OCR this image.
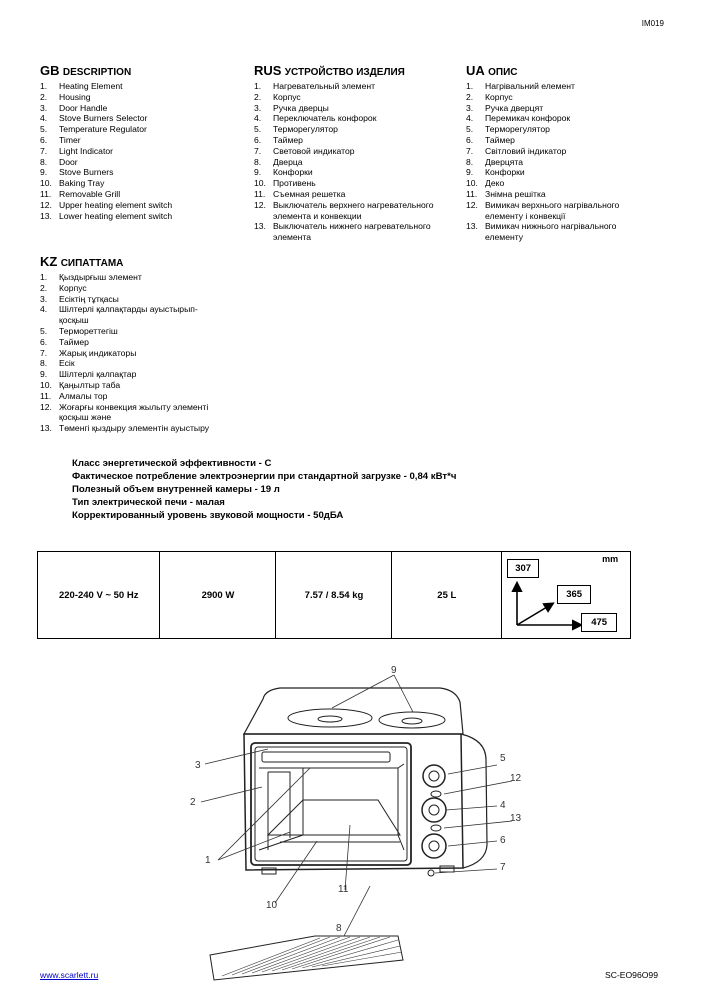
IM019
GB DESCRIPTION
1.	Heating Element
2.	Housing
3.	Door Handle
4.	Stove Burners Selector
5.	Temperature Regulator
6.	Timer
7.	Light Indicator
8.	Door
9.	Stove Burners
10. Baking Tray
11. Removable Grill
12. Upper heating element switch
13. Lower heating element switch
RUS УСТРОЙСТВО ИЗДЕЛИЯ
1.	Нагревательный элемент
2.	Корпус
3.	Ручка дверцы
4.	Переключатель конфорок
5.	Терморегулятор
6.	Таймер
7.	Световой индикатор
8.	Дверца
9.	Конфорки
10. Противень
11. Съемная решетка
12. Выключатель верхнего нагревательного
элемента и конвекции
13. Выключатель нижнего нагревательного
элемента
UA ОПИС
1.	Нагрівальний елемент
2.	Корпус
3.	Ручка дверцят
4.	Перемикач конфорок
5.	Терморегулятор
6.	Таймер
7.	Світловий індикатор
8.	Дверцята
9.	Конфорки
10. Деко
11. Знімна решітка
12. Вимикач верхнього нагрівального
елементу і конвекції
13. Вимикач нижнього нагрівального
елементу
KZ СИПАТТАМА
1.	Қыздырғыш элемент
2.	Корпус
3.	Есіктің тұтқасы
4.	Шілтерлі қалпақтарды ауыстырып-
қосқыш
5.	Термореттегіш
6.	Таймер
7.	Жарық индикаторы
8.	Есік
9.	Шілтерлі қалпақтар
10. Қаңылтыр таба
11. Алмалы тор
12. Жоғарғы конвекция жылыту элементі
қосқыш және
13. Төменгі қыздыру элементін ауыстыру
Класс энергетической эффективности - С
Фактическое потребление электроэнергии при стандартной загрузке - 0,84 кВт*ч
Полезный объем внутренней камеры - 19 л
Тип электрической печи - малая
Корректированный уровень звуковой мощности - 50дБА
220-240 V ~ 50 Hz	2900 W	7.57 / 8.54 kg	25 L	
mm
307
365
475
9
3
2
1
5
12
4
13
6
7
10
11
8
www.scarlett.ru	SC-EO96O99
